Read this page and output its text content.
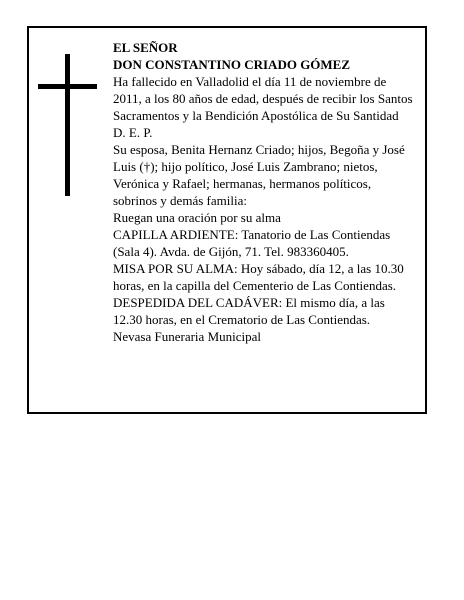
EL SEÑOR

DON CONSTANTINO CRIADO GÓMEZ

Ha fallecido en Valladolid el día 11 de noviembre de 2011, a los 80 años de edad, después de recibir los Santos Sacramentos y la Bendición Apostólica de Su Santidad

D. E. P.

Su esposa, Benita Hernanz Criado; hijos, Begoña y José Luis (†); hijo político, José Luis Zambrano; nietos, Verónica y Rafael; hermanas, hermanos políticos, sobrinos y demás familia:

Ruegan una oración por su alma

CAPILLA ARDIENTE: Tanatorio de Las Contiendas (Sala 4). Avda. de Gijón, 71. Tel. 983360405.

MISA POR SU ALMA: Hoy sábado, día 12, a las 10.30 horas, en la capilla del Cementerio de Las Contiendas.

DESPEDIDA DEL CADÁVER: El mismo día, a las 12.30 horas, en el Crematorio de Las Contiendas.

Nevasa Funeraria Municipal
